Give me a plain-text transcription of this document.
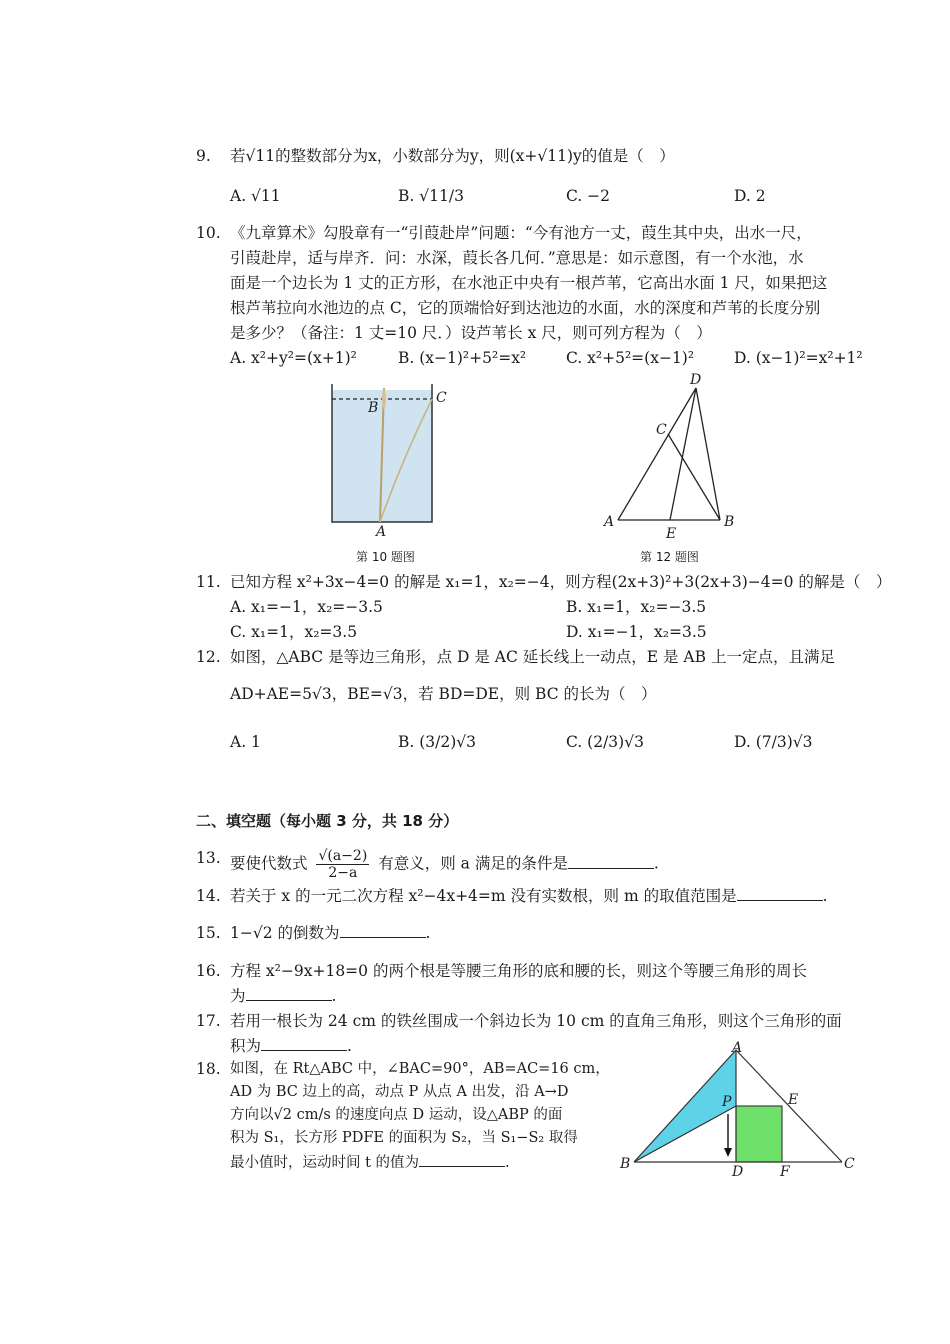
9. 若√11的整数部分为x，小数部分为y，则(x+√11)y的值是（　）
A. √11	B. √11/3	C. −2	D. 2
10. 《九章算术》勾股章有一“引葭赴岸”问题：“今有池方一丈，葭生其中央，出水一尺，
引葭赴岸，适与岸齐．问：水深，葭长各几何．”意思是：如示意图，有一个水池，水
面是一个边长为 1 丈的正方形，在水池正中央有一根芦苇，它高出水面 1 尺，如果把这
根芦苇拉向水池边的点 C，它的顶端恰好到达池边的水面，水的深度和芦苇的长度分别
是多少？（备注：1 丈=10 尺．）设芦苇长 x 尺，则可列方程为（　）
A. x²+y²=(x+1)²	B. (x−1)²+5²=x²	C. x²+5²=(x−1)²	D. (x−1)²=x²+1²
B
C
A
第 10 题图
D
C
A
E
B
第 12 题图
11. 已知方程 x²+3x−4=0 的解是 x₁=1，x₂=−4，则方程(2x+3)²+3(2x+3)−4=0 的解是（　）
A. x₁=−1，x₂=−3.5	B. x₁=1，x₂=−3.5
C. x₁=1，x₂=3.5	D. x₁=−1，x₂=3.5
12. 如图，△ABC 是等边三角形，点 D 是 AC 延长线上一动点，E 是 AB 上一定点，且满足
AD+AE=5√3，BE=√3，若 BD=DE，则 BC 的长为（　）
A. 1	B. (3/2)√3	C. (2/3)√3	D. (7/3)√3
二、填空题（每小题 3 分，共 18 分）
13. 要使代数式 $\frac{√(a-2)}{2-a}$ 有意义，则 a 满足的条件是	.
14. 若关于 x 的一元二次方程 x²−4x+4=m 没有实数根，则 m 的取值范围是	.
15. 1−√2 的倒数为	.
16. 方程 x²−9x+18=0 的两个根是等腰三角形的底和腰的长，则这个等腰三角形的周长
为	.
17. 若用一根长为 24 cm 的铁丝围成一个斜边长为 10 cm 的直角三角形，则这个三角形的面
积为	.
18. 如图，在 Rt△ABC 中，∠BAC=90°，AB=AC=16 cm，
AD 为 BC 边上的高，动点 P 从点 A 出发，沿 A→D
方向以√2 cm/s 的速度向点 D 运动，设△ABP 的面
积为 S₁，长方形 PDFE 的面积为 S₂，当 S₁−S₂ 取得
最小值时，运动时间 t 的值为	.
A
E
P
B	D	F	C
